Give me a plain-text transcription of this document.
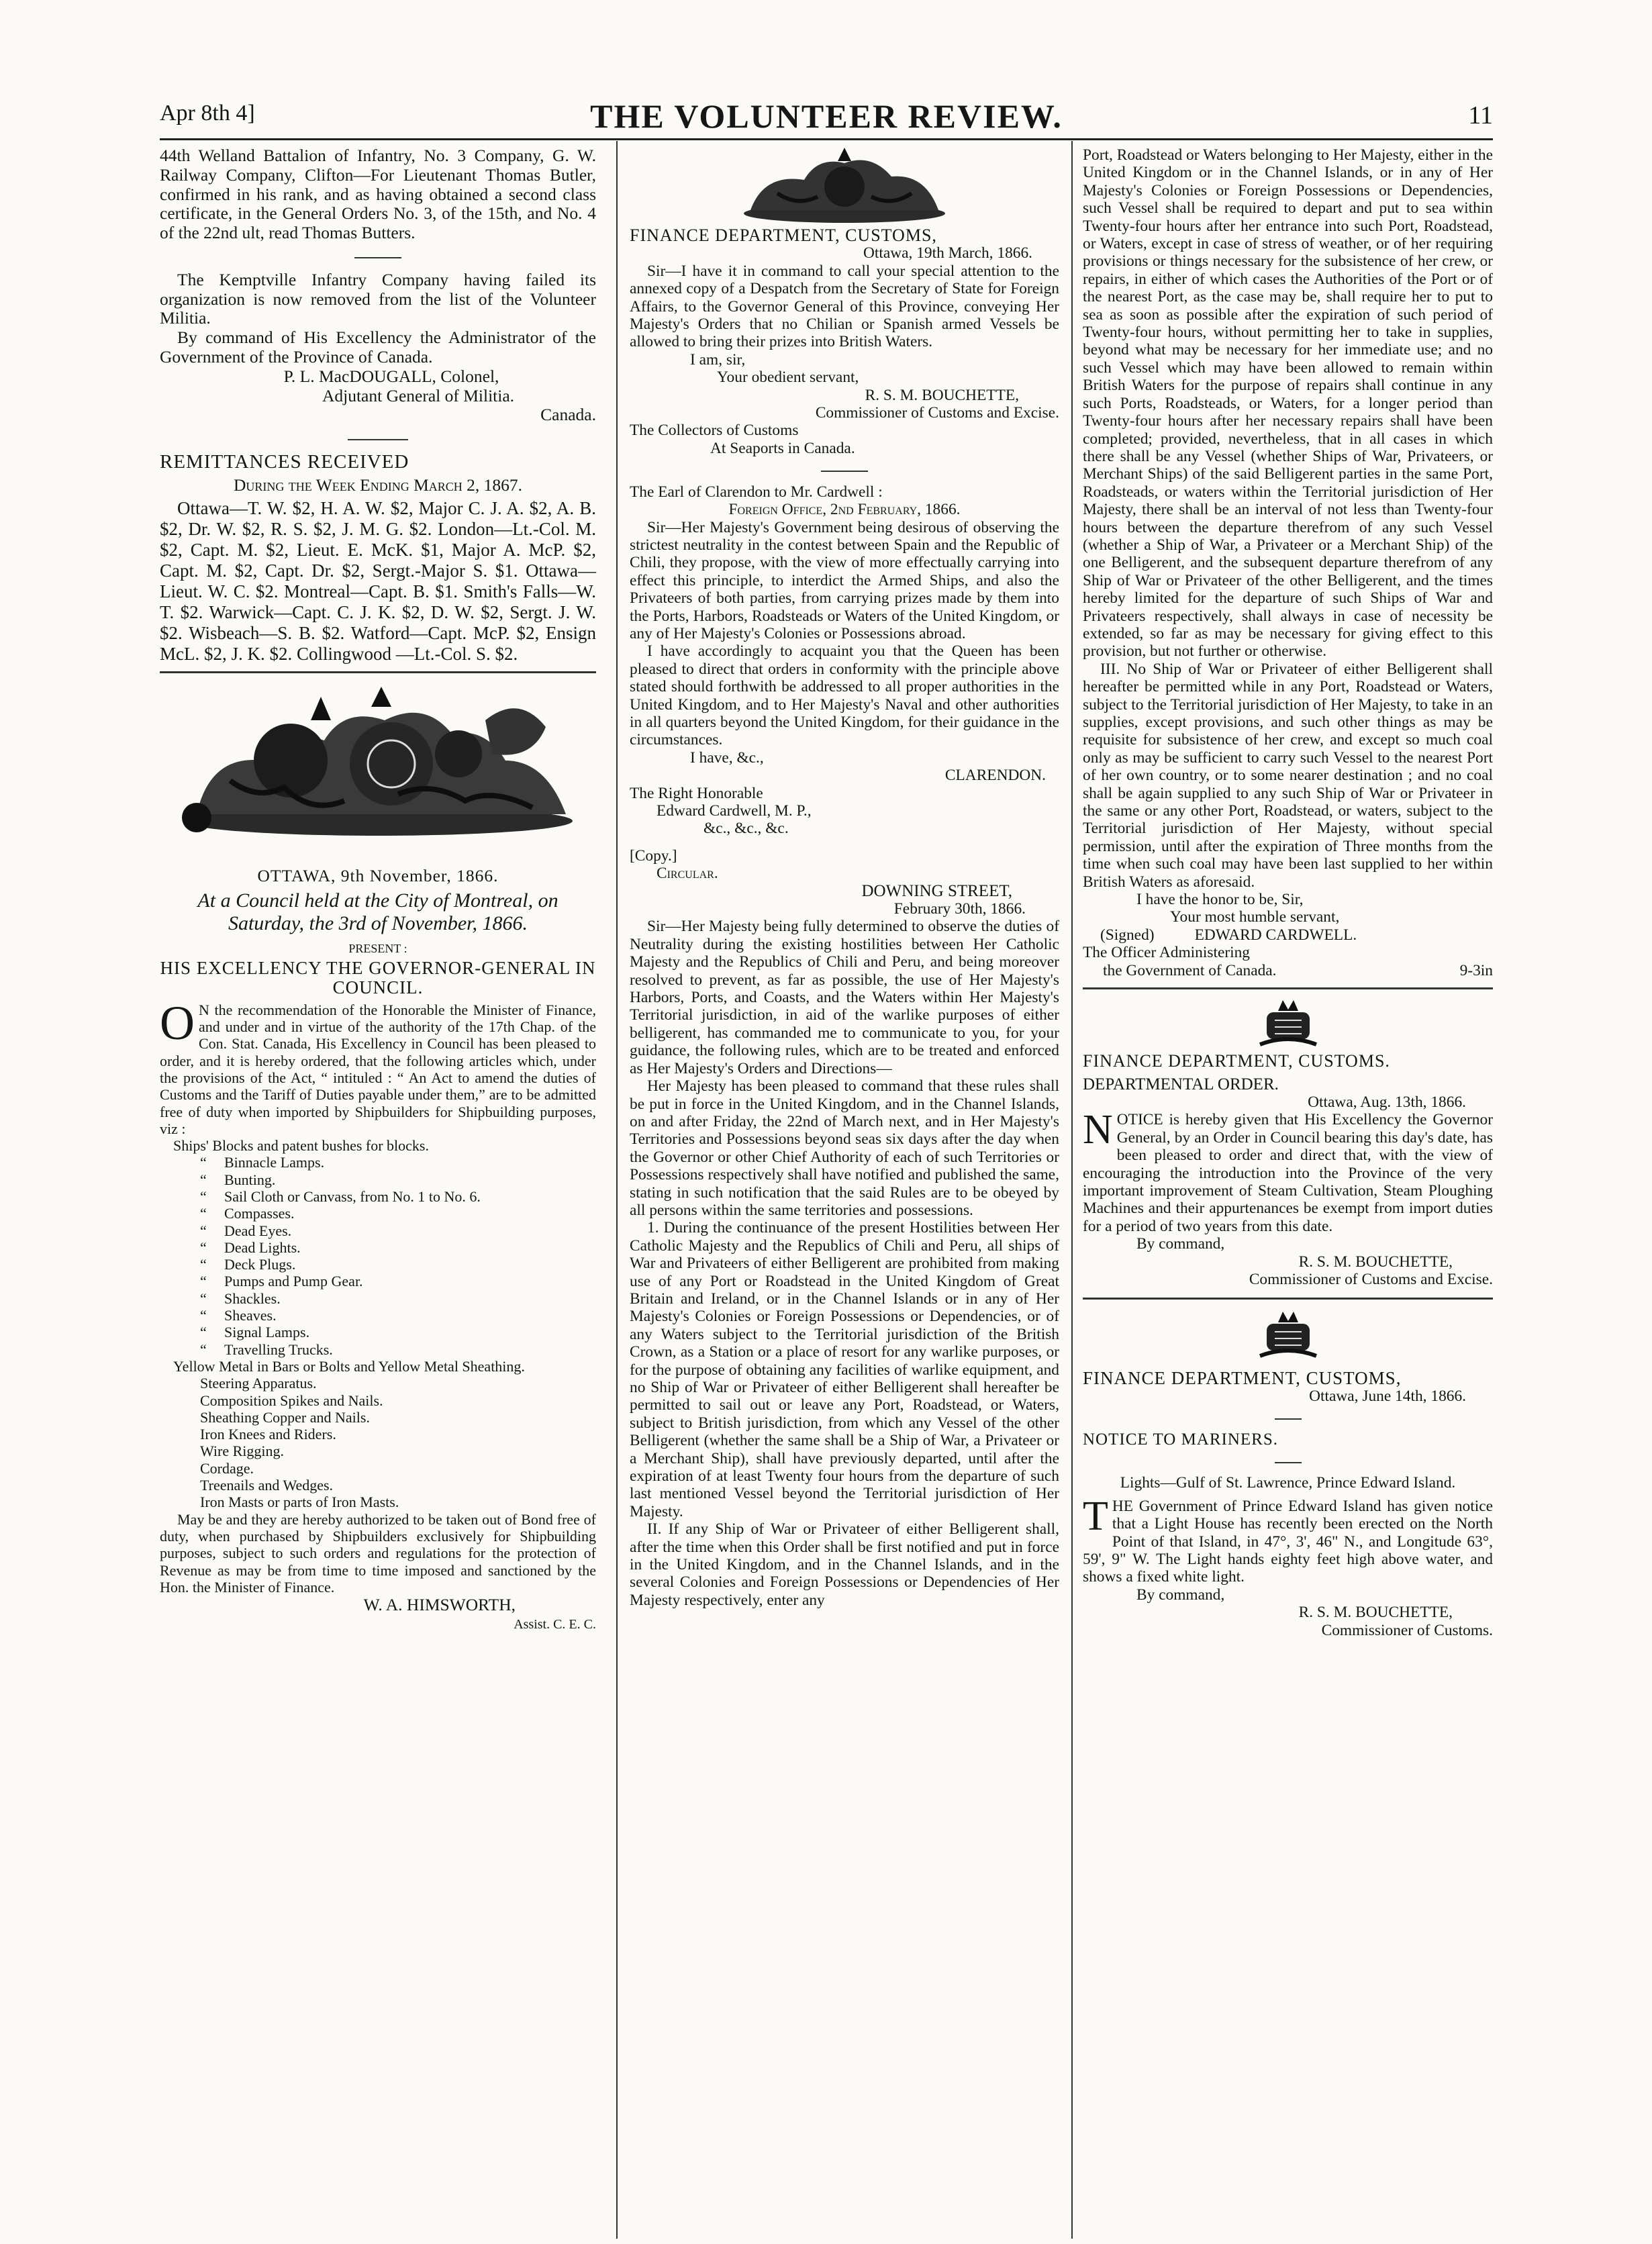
Apr 8th 4]	THE VOLUNTEER REVIEW.	11

44th Welland Battalion of Infantry, No. 3 Company, G. W. Railway Company, Clifton—For Lieutenant Thomas Butler, confirmed in his rank, and as having obtained a second class certificate, in the General Orders No. 3, of the 15th, and No. 4 of the 22nd ult, read Thomas Butters.

The Kemptville Infantry Company having failed its organization is now removed from the list of the Volunteer Militia.

By command of His Excellency the Administrator of the Government of the Province of Canada.

P. L. MacDOUGALL, Colonel,

Adjutant General of Militia.

Canada.

REMITTANCES RECEIVED

During the Week Ending March 2, 1867.

Ottawa—T. W. $2, H. A. W. $2, Major C. J. A. $2, A. B. $2, Dr. W. $2, R. S. $2, J. M. G. $2. London—Lt.-Col. M. $2, Capt. M. $2, Lieut. E. McK. $1, Major A. McP. $2, Capt. M. $2, Capt. Dr. $2, Sergt.-Major S. $1. Ottawa—Lieut. W. C. $2. Montreal—Capt. B. $1. Smith's Falls—W. T. $2. Warwick—Capt. C. J. K. $2, D. W. $2, Sergt. J. W. $2. Wisbeach—S. B. $2. Watford—Capt. McP. $2, Ensign McL. $2, J. K. $2. Collingwood —Lt.-Col. S. $2.

OTTAWA, 9th November, 1866.

At a Council held at the City of Montreal, on Saturday, the 3rd of November, 1866.

PRESENT :

HIS EXCELLENCY THE GOVERNOR-GENERAL IN COUNCIL.

O N the recommendation of the Honorable the Minister of Finance, and under and in virtue of the authority of the 17th Chap. of the Con. Stat. Canada, His Excellency in Council has been pleased to order, and it is hereby ordered, that the following articles which, under the provisions of the Act, “ intituled : “ An Act to amend the duties of Customs and the Tariff of Duties payable under them,” are to be admitted free of duty when imported by Shipbuilders for Shipbuilding purposes, viz :

Ships' Blocks and patent bushes for blocks.
“ Binnacle Lamps.
“ Bunting.
“ Sail Cloth or Canvass, from No. 1 to No. 6.
“ Compasses.
“ Dead Eyes.
“ Dead Lights.
“ Deck Plugs.
“ Pumps and Pump Gear.
“ Shackles.
“ Sheaves.
“ Signal Lamps.
“ Travelling Trucks.
Yellow Metal in Bars or Bolts and Yellow Metal Sheathing.
Steering Apparatus.
Composition Spikes and Nails.
Sheathing Copper and Nails.
Iron Knees and Riders.
Wire Rigging.
Cordage.
Treenails and Wedges.
Iron Masts or parts of Iron Masts.

May be and they are hereby authorized to be taken out of Bond free of duty, when purchased by Shipbuilders exclusively for Shipbuilding purposes, subject to such orders and regulations for the protection of Revenue as may be from time to time imposed and sanctioned by the Hon. the Minister of Finance.

W. A. HIMSWORTH,

Assist. C. E. C.

FINANCE DEPARTMENT, CUSTOMS,

Ottawa, 19th March, 1866.

Sir—I have it in command to call your special attention to the annexed copy of a Despatch from the Secretary of State for Foreign Affairs, to the Governor General of this Province, conveying Her Majesty's Orders that no Chilian or Spanish armed Vessels be allowed to bring their prizes into British Waters.

I am, sir,

Your obedient servant,

R. S. M. BOUCHETTE,

Commissioner of Customs and Excise.

The Collectors of Customs

At Seaports in Canada.

The Earl of Clarendon to Mr. Cardwell :

Foreign Office, 2nd February, 1866.

Sir—Her Majesty's Government being desirous of observing the strictest neutrality in the contest between Spain and the Republic of Chili, they propose, with the view of more effectually carrying into effect this principle, to interdict the Armed Ships, and also the Privateers of both parties, from carrying prizes made by them into the Ports, Harbors, Roadsteads or Waters of the United Kingdom, or any of Her Majesty's Colonies or Possessions abroad.

I have accordingly to acquaint you that the Queen has been pleased to direct that orders in conformity with the principle above stated should forthwith be addressed to all proper authorities in the United Kingdom, and to Her Majesty's Naval and other authorities in all quarters beyond the United Kingdom, for their guidance in the circumstances.

I have, &c.,

CLARENDON.

The Right Honorable

Edward Cardwell, M. P.,

&c., &c., &c.

[Copy.]

Circular.

DOWNING STREET,

February 30th, 1866.

Sir—Her Majesty being fully determined to observe the duties of Neutrality during the existing hostilities between Her Catholic Majesty and the Republics of Chili and Peru, and being moreover resolved to prevent, as far as possible, the use of Her Majesty's Harbors, Ports, and Coasts, and the Waters within Her Majesty's Territorial jurisdiction, in aid of the warlike purposes of either belligerent, has commanded me to communicate to you, for your guidance, the following rules, which are to be treated and enforced as Her Majesty's Orders and Directions—

Her Majesty has been pleased to command that these rules shall be put in force in the United Kingdom, and in the Channel Islands, on and after Friday, the 22nd of March next, and in Her Majesty's Territories and Possessions beyond seas six days after the day when the Governor or other Chief Authority of each of such Territories or Possessions respectively shall have notified and published the same, stating in such notification that the said Rules are to be obeyed by all persons within the same territories and possessions.

1. During the continuance of the present Hostilities between Her Catholic Majesty and the Republics of Chili and Peru, all ships of War and Privateers of either Belligerent are prohibited from making use of any Port or Roadstead in the United Kingdom of Great Britain and Ireland, or in the Channel Islands or in any of Her Majesty's Colonies or Foreign Possessions or Dependencies, or of any Waters subject to the Territorial jurisdiction of the British Crown, as a Station or a place of resort for any warlike purposes, or for the purpose of obtaining any facilities of warlike equipment, and no Ship of War or Privateer of either Belligerent shall hereafter be permitted to sail out or leave any Port, Roadstead, or Waters, subject to British jurisdiction, from which any Vessel of the other Belligerent (whether the same shall be a Ship of War, a Privateer or a Merchant Ship), shall have previously departed, until after the expiration of at least Twenty four hours from the departure of such last mentioned Vessel beyond the Territorial jurisdiction of Her Majesty.

II. If any Ship of War or Privateer of either Belligerent shall, after the time when this Order shall be first notified and put in force in the United Kingdom, and in the Channel Islands, and in the several Colonies and Foreign Possessions or Dependencies of Her Majesty respectively, enter any

Port, Roadstead or Waters belonging to Her Majesty, either in the United Kingdom or in the Channel Islands, or in any of Her Majesty's Colonies or Foreign Possessions or Dependencies, such Vessel shall be required to depart and put to sea within Twenty-four hours after her entrance into such Port, Roadstead, or Waters, except in case of stress of weather, or of her requiring provisions or things necessary for the subsistence of her crew, or repairs, in either of which cases the Authorities of the Port or of the nearest Port, as the case may be, shall require her to put to sea as soon as possible after the expiration of such period of Twenty-four hours, without permitting her to take in supplies, beyond what may be necessary for her immediate use; and no such Vessel which may have been allowed to remain within British Waters for the purpose of repairs shall continue in any such Ports, Roadsteads, or Waters, for a longer period than Twenty-four hours after her necessary repairs shall have been completed; provided, nevertheless, that in all cases in which there shall be any Vessel (whether Ships of War, Privateers, or Merchant Ships) of the said Belligerent parties in the same Port, Roadsteads, or waters within the Territorial jurisdiction of Her Majesty, there shall be an interval of not less than Twenty-four hours between the departure therefrom of any such Vessel (whether a Ship of War, a Privateer or a Merchant Ship) of the one Belligerent, and the subsequent departure therefrom of any Ship of War or Privateer of the other Belligerent, and the times hereby limited for the departure of such Ships of War and Privateers respectively, shall always in case of necessity be extended, so far as may be necessary for giving effect to this provision, but not further or otherwise.

III. No Ship of War or Privateer of either Belligerent shall hereafter be permitted while in any Port, Roadstead or Waters, subject to the Territorial jurisdiction of Her Majesty, to take in an supplies, except provisions, and such other things as may be requisite for subsistence of her crew, and except so much coal only as may be sufficient to carry such Vessel to the nearest Port of her own country, or to some nearer destination ; and no coal shall be again supplied to any such Ship of War or Privateer in the same or any other Port, Roadstead, or waters, subject to the Territorial jurisdiction of Her Majesty, without special permission, until after the expiration of Three months from the time when such coal may have been last supplied to her within British Waters as aforesaid.

I have the honor to be, Sir,

Your most humble servant,

(Signed)	EDWARD CARDWELL.

The Officer Administering

the Government of Canada.	9-3in

FINANCE DEPARTMENT, CUSTOMS.

DEPARTMENTAL ORDER.

Ottawa, Aug. 13th, 1866.

NOTICE is hereby given that His Excellency the Governor General, by an Order in Council bearing this day's date, has been pleased to order and direct that, with the view of encouraging the introduction into the Province of the very important improvement of Steam Cultivation, Steam Ploughing Machines and their appurtenances be exempt from import duties for a period of two years from this date.

By command,

R. S. M. BOUCHETTE,

Commissioner of Customs and Excise.

FINANCE DEPARTMENT, CUSTOMS,

Ottawa, June 14th, 1866.

NOTICE TO MARINERS.

Lights—Gulf of St. Lawrence, Prince Edward Island.

THE Government of Prince Edward Island has given notice that a Light House has recently been erected on the North Point of that Island, in 47°, 3', 46" N., and Longitude 63°, 59', 9" W. The Light hands eighty feet high above water, and shows a fixed white light.

By command,

R. S. M. BOUCHETTE,

Commissioner of Customs.
